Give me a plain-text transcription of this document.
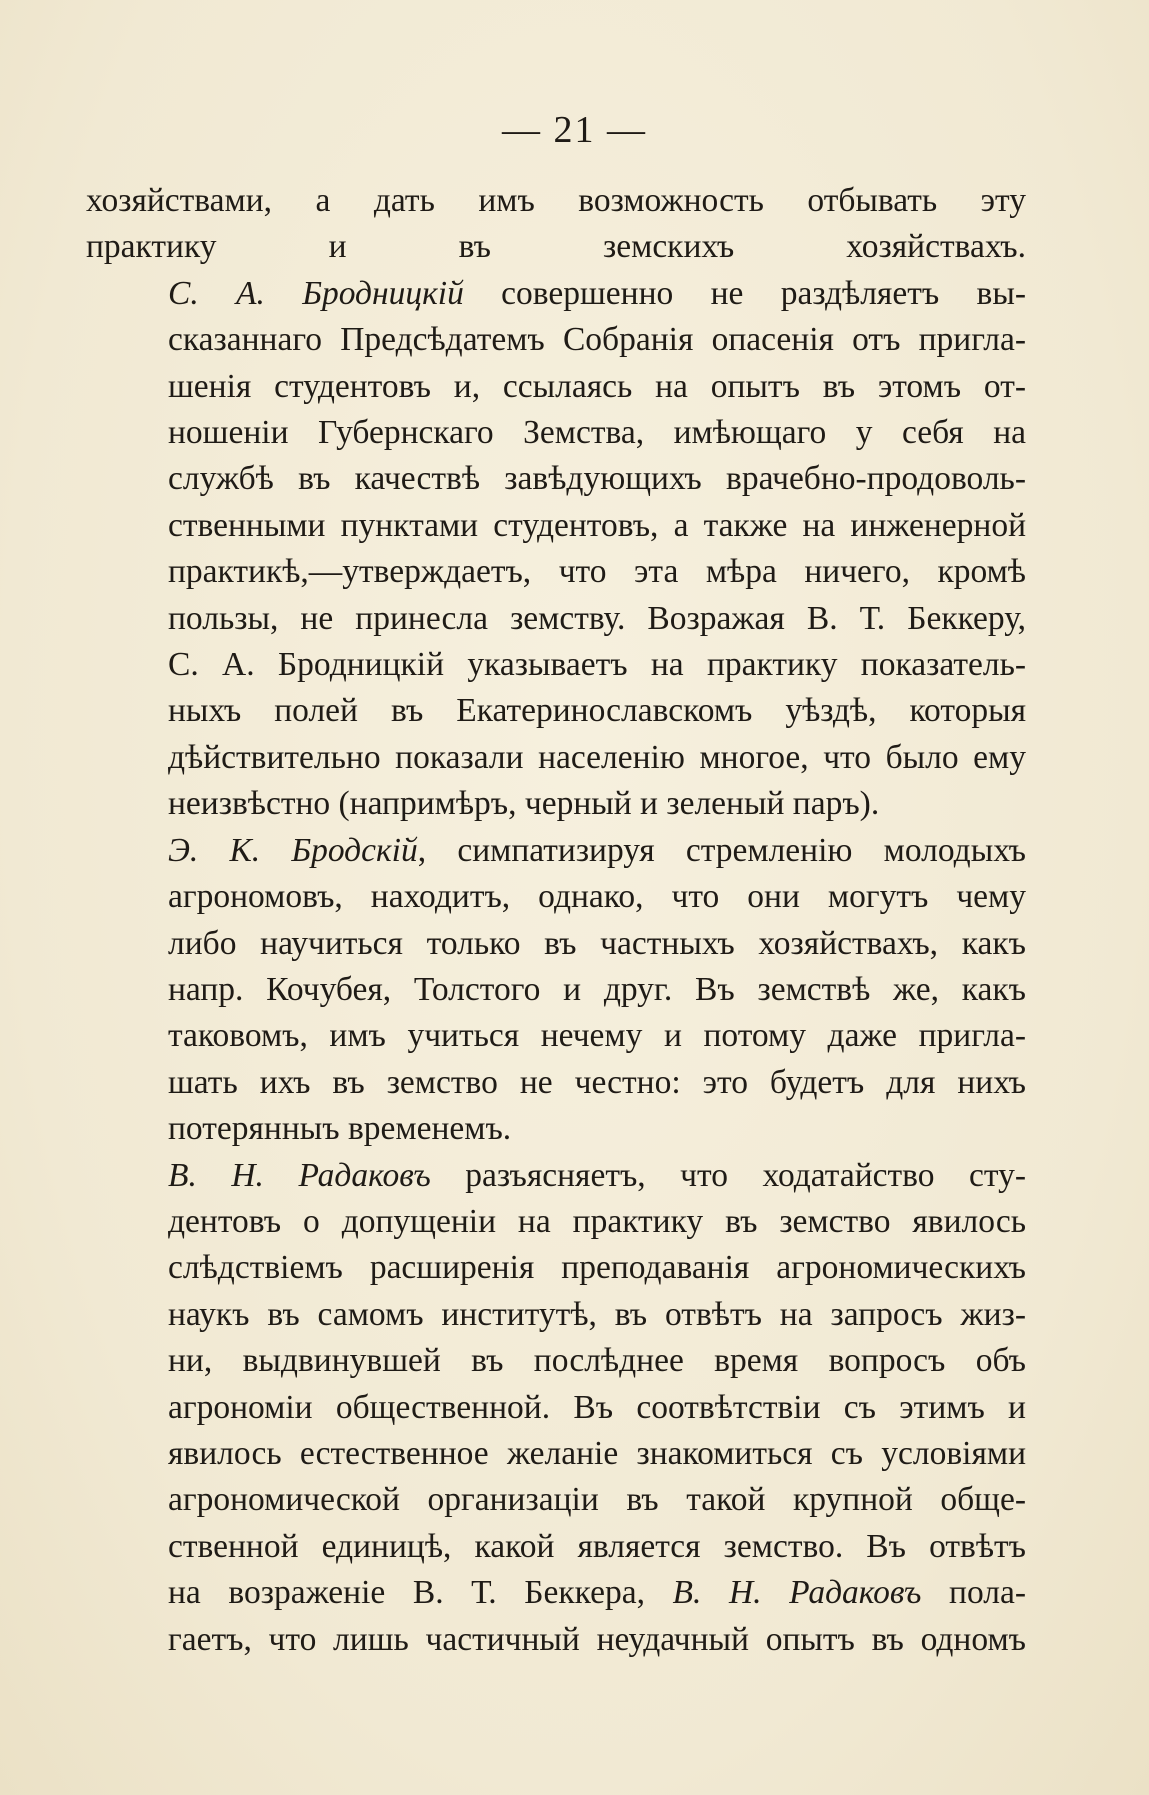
— 21 —
хозяйствами, а дать имъ возможность отбывать эту
практику и въ земскихъ хозяйствахъ.
С. А. Бродницкій совершенно не раздѣляетъ вы-
сказаннаго Предсѣдатемъ Собранія опасенія отъ пригла-
шенія студентовъ и, ссылаясь на опытъ въ этомъ от-
ношеніи Губернскаго Земства, имѣющаго у себя на
службѣ въ качествѣ завѣдующихъ врачебно-продоволь-
ственными пунктами студентовъ, а также на инженерной
практикѣ,—утверждаетъ, что эта мѣра ничего, кромѣ
пользы, не принесла земству. Возражая В. Т. Беккеру,
С. А. Бродницкій указываетъ на практику показатель-
ныхъ полей въ Екатеринославскомъ уѣздѣ, которыя
дѣйствительно показали населенію многое, что было ему
неизвѣстно (напримѣръ, черный и зеленый паръ).
Э. К. Бродскій, симпатизируя стремленію молодыхъ
агрономовъ, находитъ, однако, что они могутъ чему
либо научиться только въ частныхъ хозяйствахъ, какъ
напр. Кочубея, Толстого и друг. Въ земствѣ же, какъ
таковомъ, имъ учиться нечему и потому даже пригла-
шать ихъ въ земство не честно: это будетъ для нихъ
потерянныъ временемъ.
В. Н. Радаковъ разъясняетъ, что ходатайство сту-
дентовъ о допущеніи на практику въ земство явилось
слѣдствіемъ расширенія преподаванія агрономическихъ
наукъ въ самомъ институтѣ, въ отвѣтъ на запросъ жиз-
ни, выдвинувшей въ послѣднее время вопросъ объ
агрономіи общественной. Въ соотвѣтствіи съ этимъ и
явилось естественное желаніе знакомиться съ условіями
агрономической организаціи въ такой крупной обще-
ственной единицѣ, какой является земство. Въ отвѣтъ
на возраженіе В. Т. Беккера, В. Н. Радаковъ пола-
гаетъ, что лишь частичный неудачный опытъ въ одномъ
